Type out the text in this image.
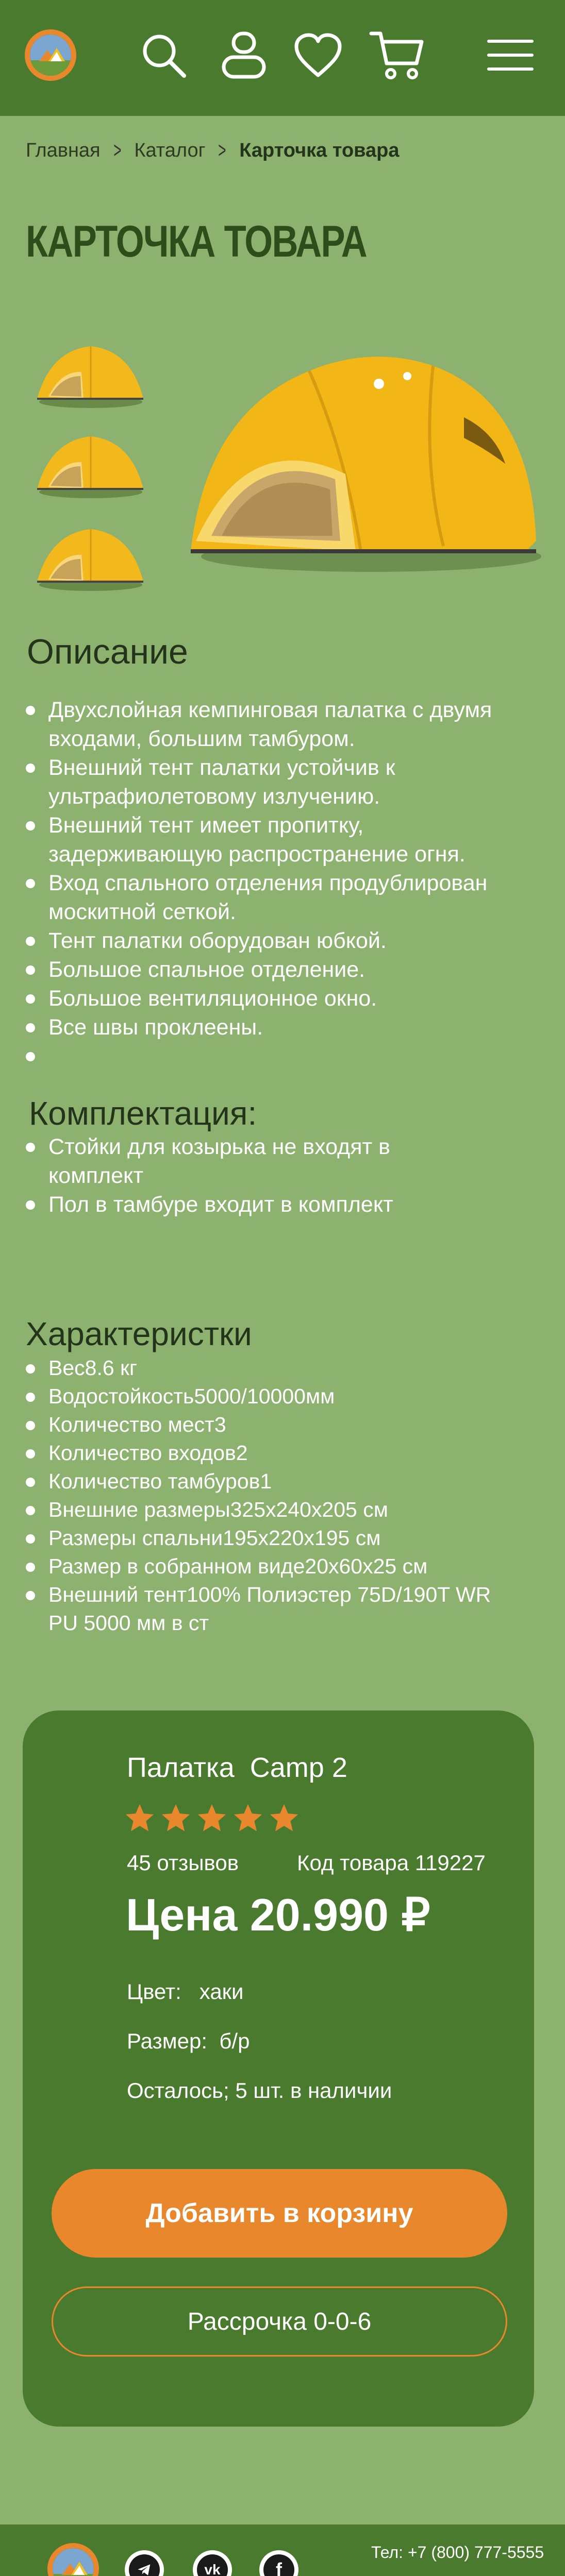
Главная > Каталог > Карточка товара
КАРТОЧКА ТОВАРА
Описание
Двухслойная кемпинговая палатка с двумя входами, большим тамбуром.
Внешний тент палатки устойчив к ультрафиолетовому излучению.
Внешний тент имеет пропитку, задерживающую распространение огня.
Вход спального отделения продублирован москитной сеткой.
Тент палатки оборудован юбкой.
Большое спальное отделение.
Большое вентиляционное окно.
Все швы проклеены.
Комплектация:
Стойки для козырька не входят в комплект
Пол в тамбуре входит в комплект
Характеристки
Вес8.6 кг
Водостойкость5000/10000мм
Количество мест3
Количество входов2
Количество тамбуров1
Внешние размеры325х240х205 см
Размеры спальни195х220х195 см
Размер в собранном виде20х60х25 см
Внешний тент100% Полиэстер 75D/190T WR PU 5000 мм в ст
Палатка  Camp 2
45 отзывов	Код товара 119227
Цена 20.990 ₽
Цвет:   хаки
Размер:  б/р
Осталось; 5 шт. в наличии
Добавить в корзину
Рассрочка 0-0-6
vk	f
Тел: +7 (800) 777-5555
